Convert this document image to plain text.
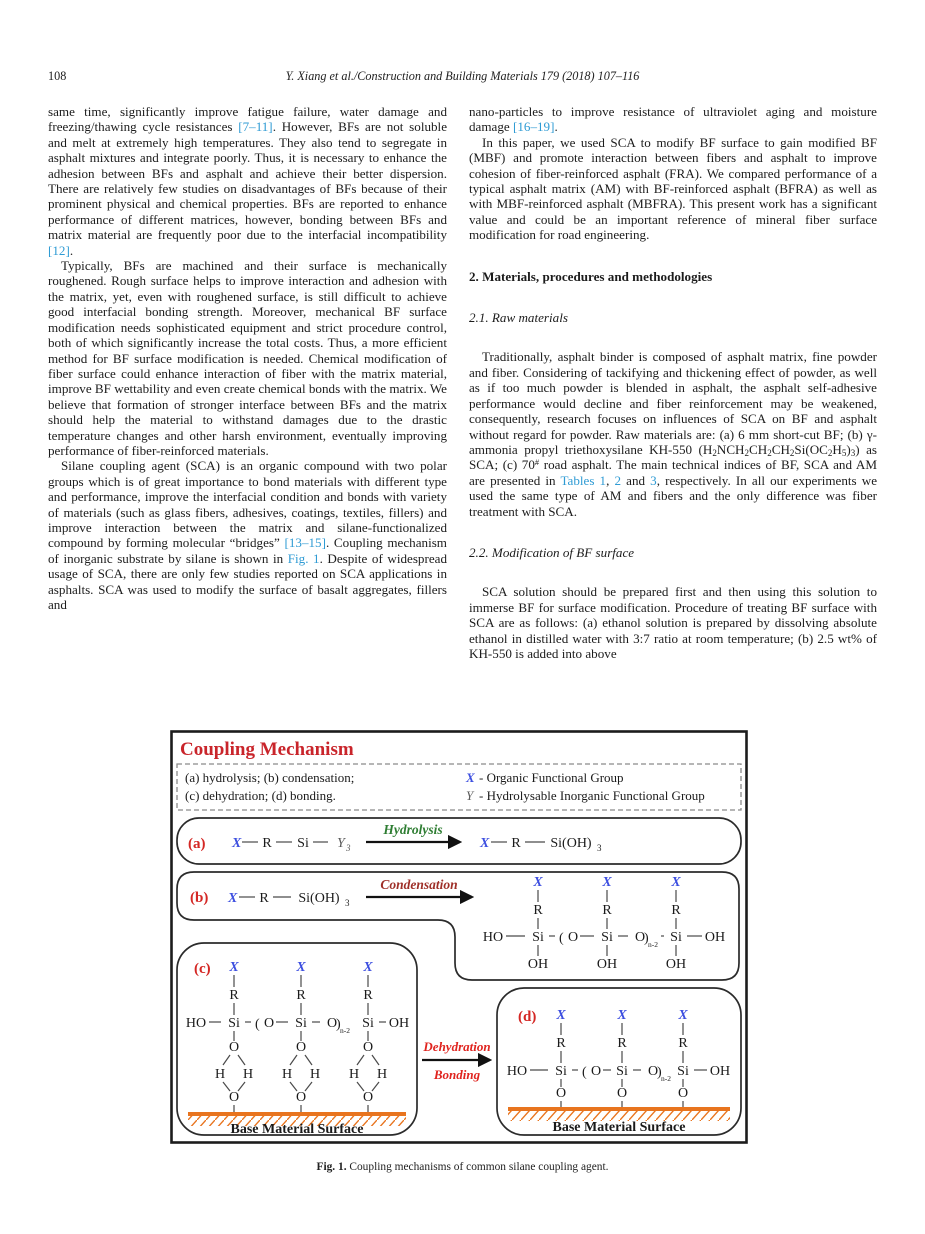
108	Y. Xiang et al./Construction and Building Materials 179 (2018) 107–116

same time, significantly improve fatigue failure, water damage and freezing/thawing cycle resistances [7–11]. However, BFs are not soluble and melt at extremely high temperatures. They also tend to segregate in asphalt mixtures and integrate poorly. Thus, it is necessary to enhance the adhesion between BFs and asphalt and achieve their better dispersion. There are relatively few studies on disadvantages of BFs because of their prominent physical and chemical properties. BFs are reported to enhance performance of different matrices, however, bonding between BFs and matrix material are frequently poor due to the interfacial incompatibility [12].

Typically, BFs are machined and their surface is mechanically roughened. Rough surface helps to improve interaction and adhesion with the matrix, yet, even with roughened surface, is still difficult to achieve good interfacial bonding strength. Moreover, mechanical BF surface modification needs sophisticated equipment and strict procedure control, both of which significantly increase the total costs. Thus, a more efficient method for BF surface modification is needed. Chemical modification of fiber surface could enhance interaction of fiber with the matrix material, improve BF wettability and even create chemical bonds with the matrix. We believe that formation of stronger interface between BFs and the matrix should help the material to withstand damages due to the drastic temperature changes and other harsh environment, eventually improving performance of fiber-reinforced materials.

Silane coupling agent (SCA) is an organic compound with two polar groups which is of great importance to bond materials with different type and performance, improve the interfacial condition and bonds with variety of materials (such as glass fibers, adhesives, coatings, textiles, fillers) and improve interaction between the matrix and silane-functionalized compound by forming molecular “bridges” [13–15]. Coupling mechanism of inorganic substrate by silane is shown in Fig. 1. Despite of widespread usage of SCA, there are only few studies reported on SCA applications in asphalts. SCA was used to modify the surface of basalt aggregates, fillers and

nano-particles to improve resistance of ultraviolet aging and moisture damage [16–19].

In this paper, we used SCA to modify BF surface to gain modified BF (MBF) and promote interaction between fibers and asphalt to improve cohesion of fiber-reinforced asphalt (FRA). We compared performance of a typical asphalt matrix (AM) with BF-reinforced asphalt (BFRA) as well as with MBF-reinforced asphalt (MBFRA). This present work has a significant value and could be an important reference of mineral fiber surface modification for road engineering.

2. Materials, procedures and methodologies
2.1. Raw materials

Traditionally, asphalt binder is composed of asphalt matrix, fine powder and fiber. Considering of tackifying and thickening effect of powder, as well as if too much powder is blended in asphalt, the asphalt self-adhesive performance would decline and fiber reinforcement may be weakened, consequently, research focuses on influences of SCA on BF and asphalt without regard for powder. Raw materials are: (a) 6 mm short-cut BF; (b) γ-ammonia propyl triethoxysilane KH-550 $(H_2NCH_2CH_2CH_2Si(OC_2H_5)_3)$ as SCA; (c) 70# road asphalt. The main technical indices of BF, SCA and AM are presented in Tables 1, 2 and 3, respectively. In all our experiments we used the same type of AM and fibers and the only difference was fiber treatment with SCA.

2.2. Modification of BF surface

SCA solution should be prepared first and then using this solution to immerse BF for surface modification. Procedure of treating BF surface with SCA are as follows: (a) ethanol solution is prepared by dissolving absolute ethanol in distilled water with 3:7 ratio at room temperature; (b) 2.5 wt% of KH-550 is added into above

Coupling Mechanism
(a) hydrolysis; (b) condensation;
(c) dehydration; (d) bonding.
X - Organic Functional Group
Y - Hydrolysable Inorganic Functional Group
(a) X R Si Y 3
Hydrolysis
X R Si(OH) 3
(b) X R Si(OH) 3
Condensation	X
R
OH
X
R
OH
X
R
OH
HO Si ( O Si O
) n-2 Si OH
(c) X
R
O
H H
O
X
R
O
H H
O
X
R
O
H H
O
HO Si ( O Si O
) n-2 Si OH
Base Material Surface
Dehydration
Bonding
(d) X
R
O
X
R
O
X
R
O
HO Si ( O Si O
) n-2 Si OH
Base Material Surface
Fig. 1. Coupling mechanisms of common silane coupling agent.
